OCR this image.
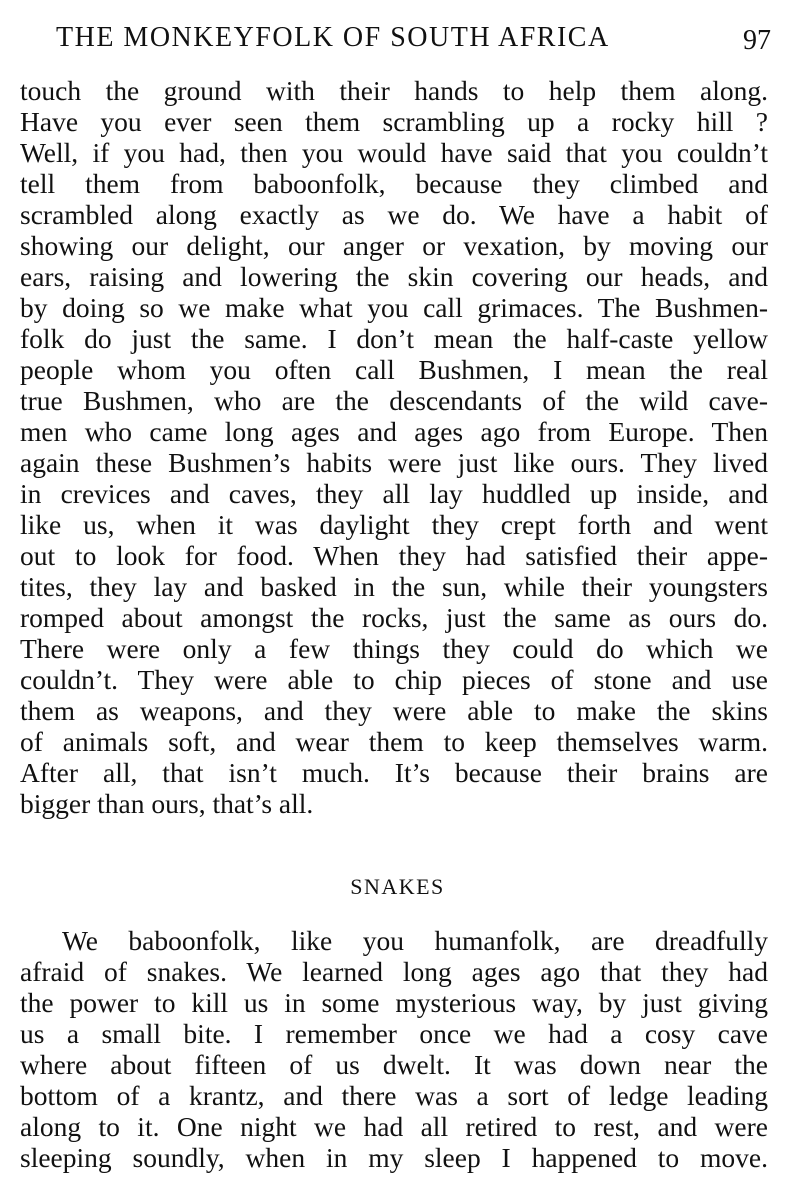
THE MONKEYFOLK OF SOUTH AFRICA	97
touch the ground with their hands to help them along.
Have you ever seen them scrambling up a rocky hill ?
Well, if you had, then you would have said that you couldn’t
tell them from baboonfolk, because they climbed and
scrambled along exactly as we do. We have a habit of
showing our delight, our anger or vexation, by moving our
ears, raising and lowering the skin covering our heads, and
by doing so we make what you call grimaces. The Bushmen-
folk do just the same. I don’t mean the half-caste yellow
people whom you often call Bushmen, I mean the real
true Bushmen, who are the descendants of the wild cave-
men who came long ages and ages ago from Europe. Then
again these Bushmen’s habits were just like ours. They lived
in crevices and caves, they all lay huddled up inside, and
like us, when it was daylight they crept forth and went
out to look for food. When they had satisfied their appe-
tites, they lay and basked in the sun, while their youngsters
romped about amongst the rocks, just the same as ours do.
There were only a few things they could do which we
couldn’t. They were able to chip pieces of stone and use
them as weapons, and they were able to make the skins
of animals soft, and wear them to keep themselves warm.
After all, that isn’t much. It’s because their brains are
bigger than ours, that’s all.
SNAKES
We baboonfolk, like you humanfolk, are dreadfully
afraid of snakes. We learned long ages ago that they had
the power to kill us in some mysterious way, by just giving
us a small bite. I remember once we had a cosy cave
where about fifteen of us dwelt. It was down near the
bottom of a krantz, and there was a sort of ledge leading
along to it. One night we had all retired to rest, and were
sleeping soundly, when in my sleep I happened to move.
